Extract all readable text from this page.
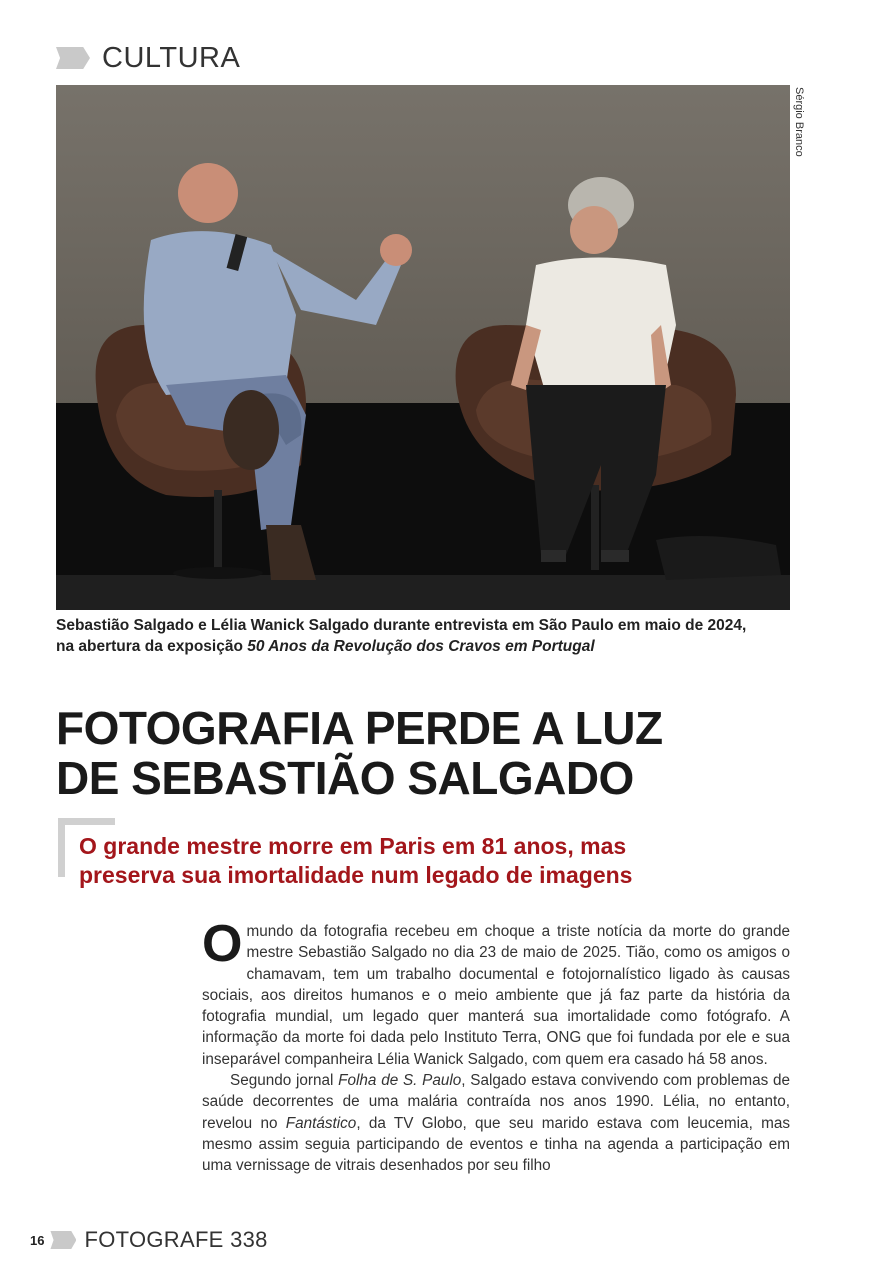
CULTURA
Sérgio Branco
Sebastião Salgado e Lélia Wanick Salgado durante entrevista em São Paulo em maio de 2024, na abertura da exposição 50 Anos da Revolução dos Cravos em Portugal
FOTOGRAFIA PERDE A LUZ
DE SEBASTIÃO SALGADO
O grande mestre morre em Paris em 81 anos, mas
preserva sua imortalidade num legado de imagens

Omundo da fotografia recebeu em choque a triste notícia da morte do grande mestre Sebastião Salgado no dia 23 de maio de 2025. Tião, como os amigos o chamavam, tem um trabalho documental e fotojornalístico ligado às causas sociais, aos direitos humanos e o meio ambiente que já faz parte da história da fotografia mundial, um legado quer manterá sua imortalidade como fotógrafo. A informação da morte foi dada pelo Instituto Terra, ONG que foi fundada por ele e sua inseparável companheira Lélia Wanick Salgado, com quem era casado há 58 anos.

Segundo jornal Folha de S. Paulo, Salgado estava convivendo com problemas de saúde decorrentes de uma malária contraída nos anos 1990. Lélia, no entanto, revelou no Fantástico, da TV Globo, que seu marido estava com leucemia, mas mesmo assim seguia participando de eventos e tinha na agenda a participação em uma vernissage de vitrais desenhados por seu filho

16 FOTOGRAFE 338
